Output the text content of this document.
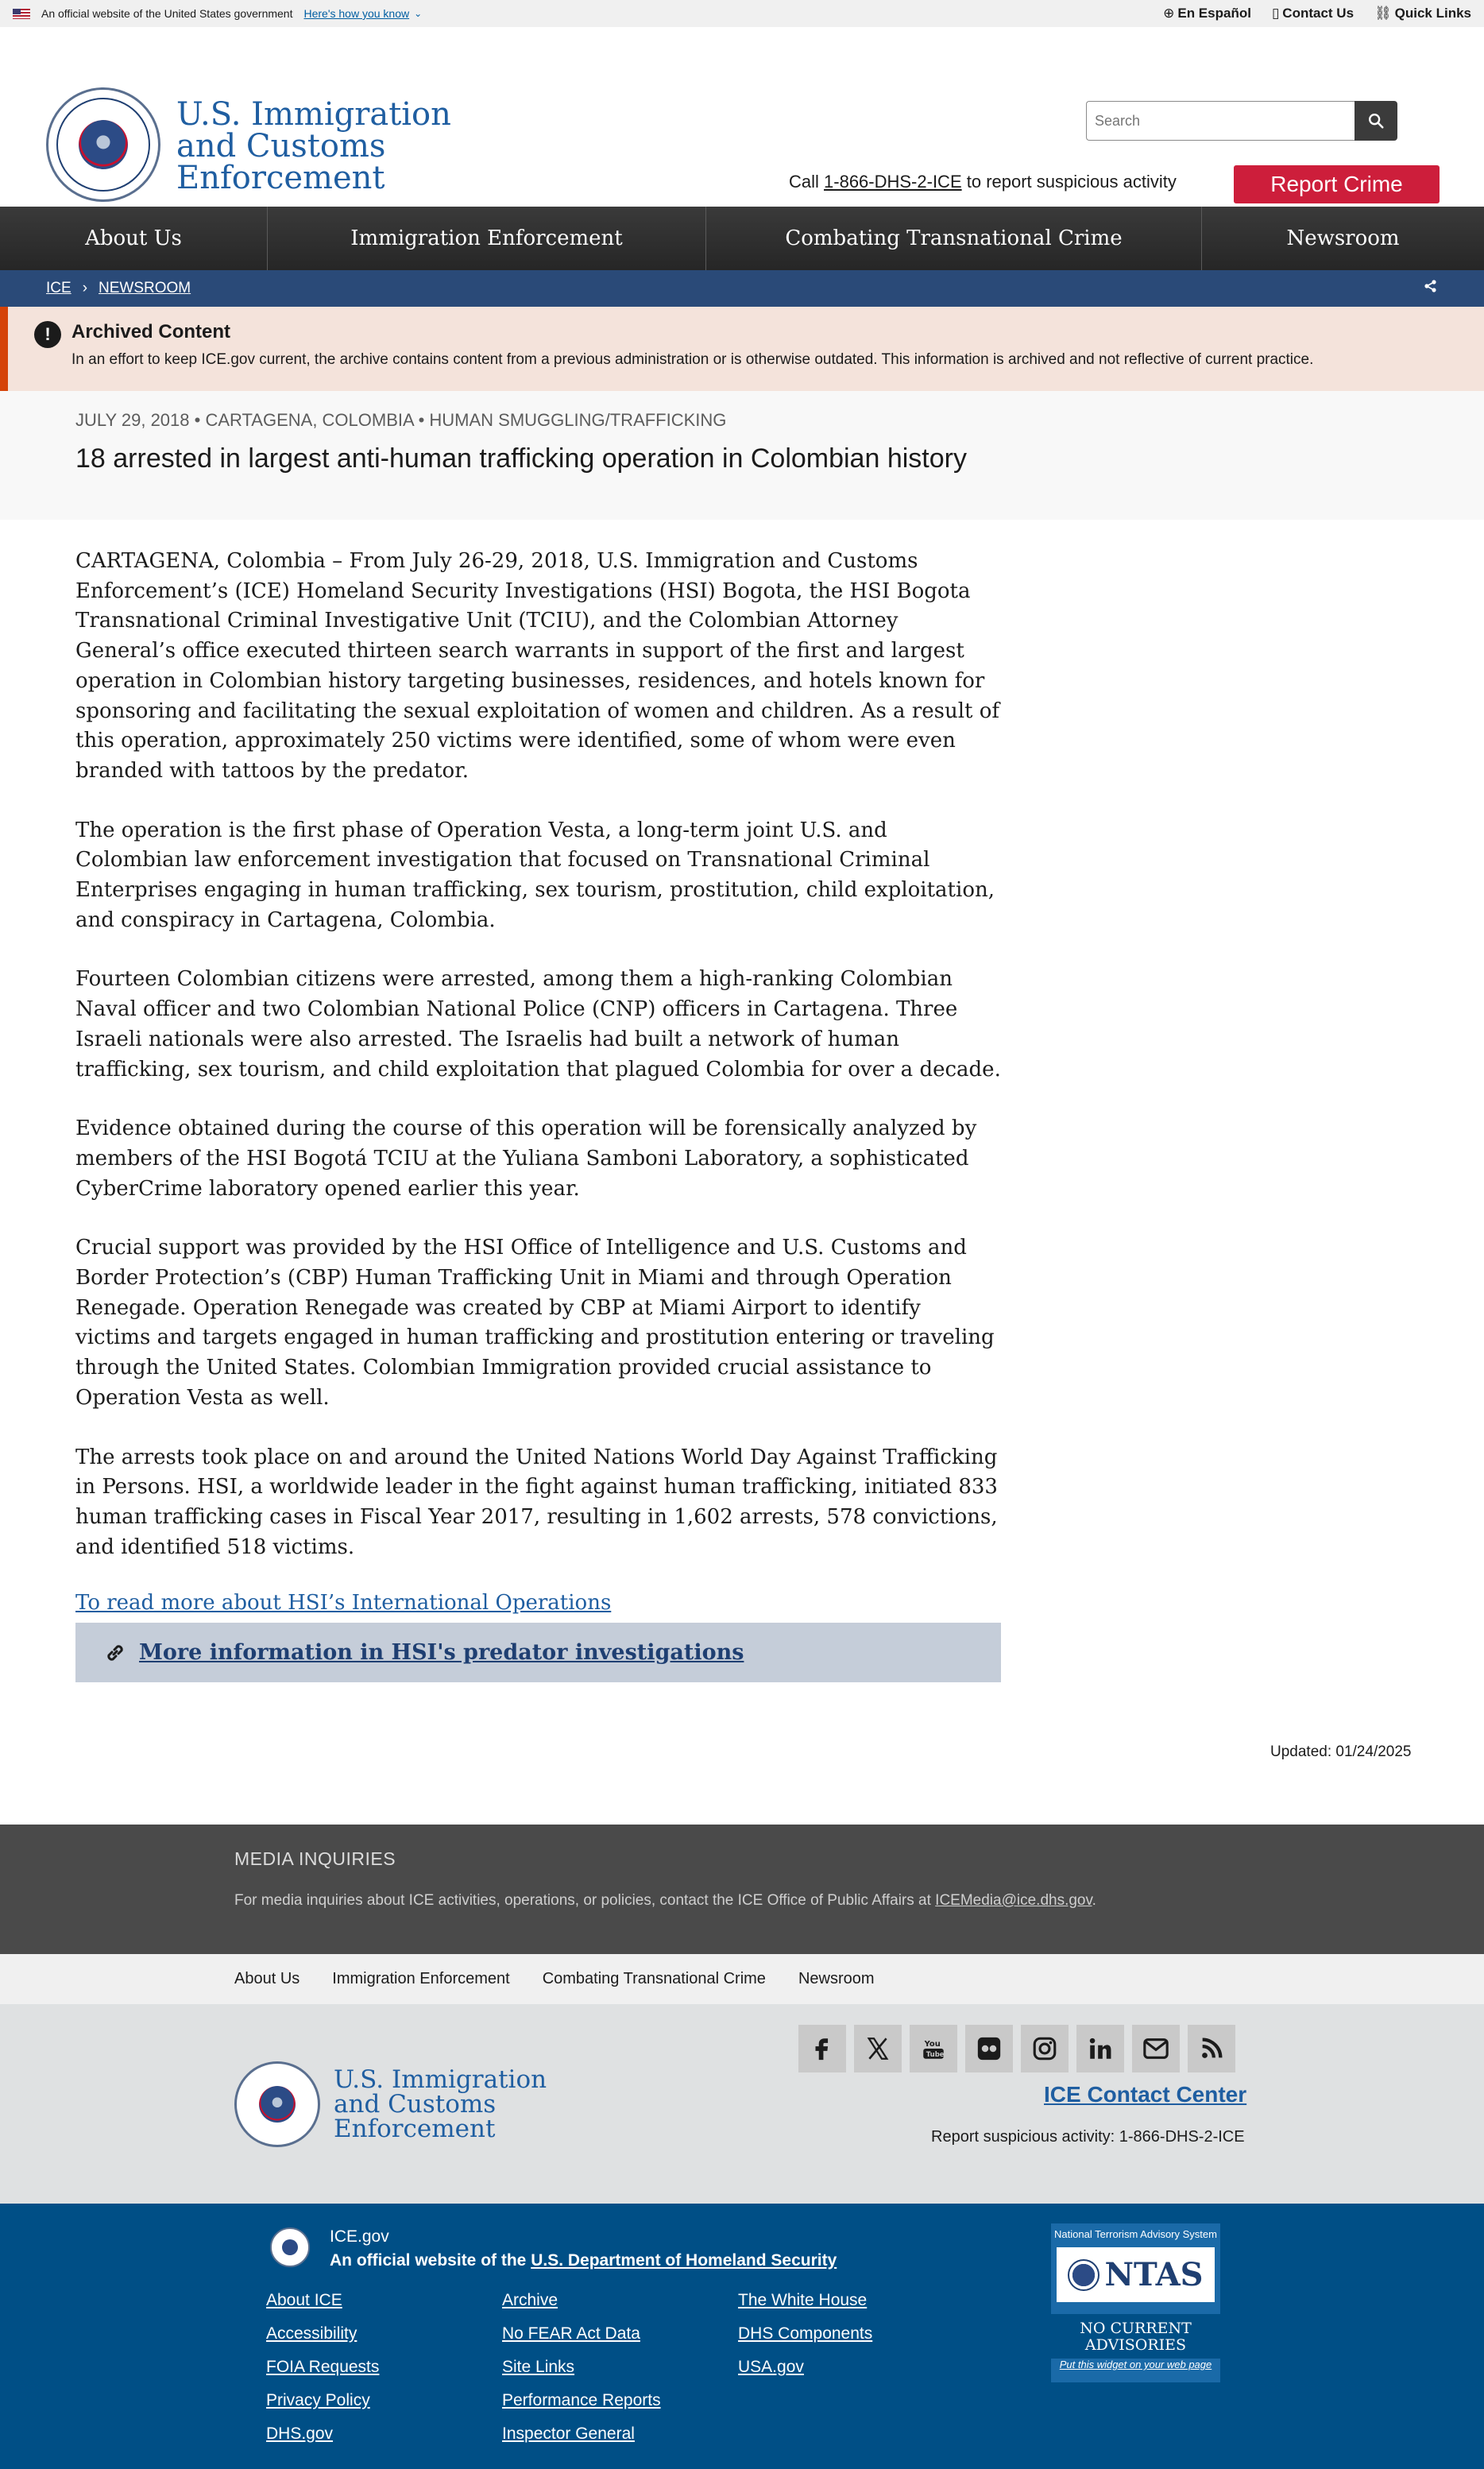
An official website of the United States government Here's how you know ⌄	⊕ En Español ▯ Contact Us ⛓ Quick Links
U.S. Immigration
and Customs
Enforcement
Search	Call 1-866-DHS-2-ICE to report suspicious activity	Report Crime
About Us	Immigration Enforcement	Combating Transnational Crime	Newsroom
ICE › NEWSROOM
!	Archived Content

In an effort to keep ICE.gov current, the archive contains content from a previous administration or is otherwise outdated. This information is archived and not reflective of current practice.

JULY 29, 2018 • CARTAGENA, COLOMBIA • HUMAN SMUGGLING/TRAFFICKING
18 arrested in largest anti-human trafficking operation in Colombian history

CARTAGENA, Colombia – From July 26-29, 2018, U.S. Immigration and Customs Enforcement’s (ICE) Homeland Security Investigations (HSI) Bogota, the HSI Bogota Transnational Criminal Investigative Unit (TCIU), and the Colombian Attorney General’s office executed thirteen search warrants in support of the first and largest operation in Colombian history targeting businesses, residences, and hotels known for sponsoring and facilitating the sexual exploitation of women and children. As a result of this operation, approximately 250 victims were identified, some of whom were even branded with tattoos by the predator.

The operation is the first phase of Operation Vesta, a long-term joint U.S. and Colombian law enforcement investigation that focused on Transnational Criminal Enterprises engaging in human trafficking, sex tourism, prostitution, child exploitation, and conspiracy in Cartagena, Colombia.

Fourteen Colombian citizens were arrested, among them a high-ranking Colombian Naval officer and two Colombian National Police (CNP) officers in Cartagena. Three Israeli nationals were also arrested. The Israelis had built a network of human trafficking, sex tourism, and child exploitation that plagued Colombia for over a decade.

Evidence obtained during the course of this operation will be forensically analyzed by members of the HSI Bogotá TCIU at the Yuliana Samboni Laboratory, a sophisticated CyberCrime laboratory opened earlier this year.

Crucial support was provided by the HSI Office of Intelligence and U.S. Customs and Border Protection’s (CBP) Human Trafficking Unit in Miami and through Operation Renegade. Operation Renegade was created by CBP at Miami Airport to identify victims and targets engaged in human trafficking and prostitution entering or traveling through the United States. Colombian Immigration provided crucial assistance to Operation Vesta as well.

The arrests took place on and around the United Nations World Day Against Trafficking in Persons. HSI, a worldwide leader in the fight against human trafficking, initiated 833 human trafficking cases in Fiscal Year 2017, resulting in 1,602 arrests, 578 convictions, and identified 518 victims.

To read more about HSI’s International Operations
More information in HSI's predator investigations
Updated: 01/24/2025
MEDIA INQUIRIES

For media inquiries about ICE activities, operations, or policies, contact the ICE Office of Public Affairs at ICEMedia@ice.dhs.gov.

About Us Immigration Enforcement Combating Transnational Crime Newsroom
U.S. Immigration
and Customs
Enforcement
You
Tube
ICE Contact Center
Report suspicious activity: 1-866-DHS-2-ICE
ICE.gov
An official website of the U.S. Department of Homeland Security
About ICE
Accessibility
FOIA Requests
Privacy Policy
DHS.gov
Archive
No FEAR Act Data
Site Links
Performance Reports
Inspector General
The White House
DHS Components
USA.gov
National Terrorism Advisory System
NTAS
NO CURRENT ADVISORIES
Put this widget on your web page
